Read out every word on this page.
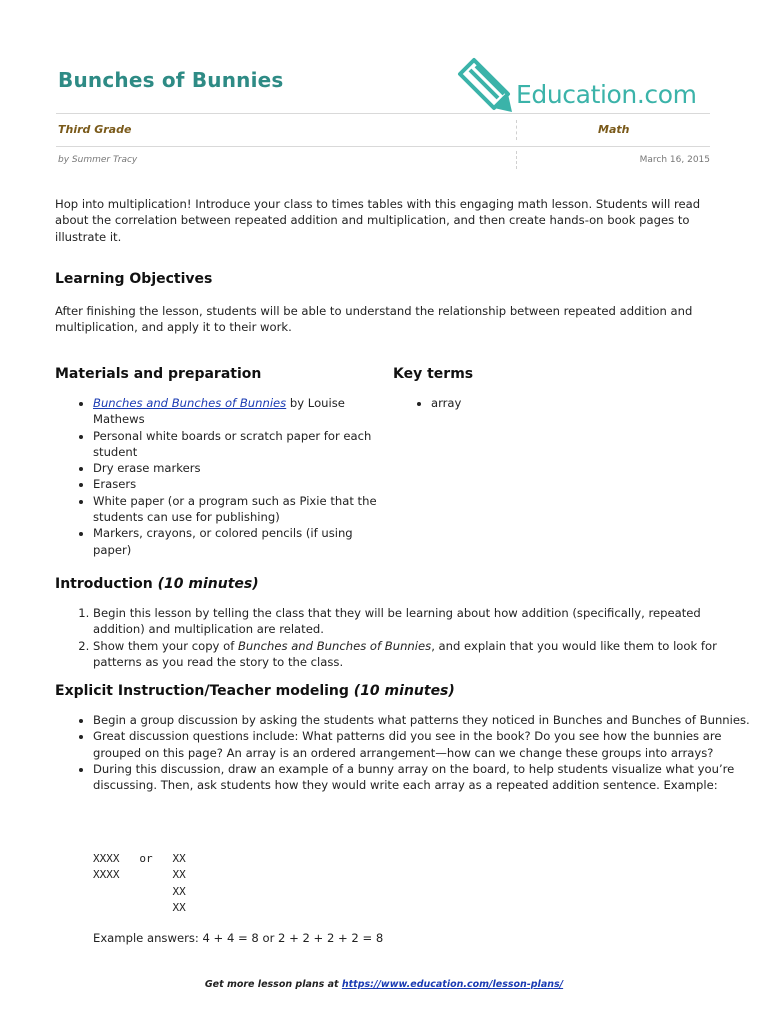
Bunches of Bunnies	Education.com
Third Grade	Math
by Summer Tracy	March 16, 2015

Hop into multiplication! Introduce your class to times tables with this engaging math lesson. Students will read about the correlation between repeated addition and multiplication, and then create hands-on book pages to illustrate it.

Learning Objectives

After finishing the lesson, students will be able to understand the relationship between repeated addition and multiplication, and apply it to their work.

Materials and preparation
• Bunches and Bunches of Bunnies by Louise Mathews
• Personal white boards or scratch paper for each student
• Dry erase markers
• Erasers
• White paper (or a program such as Pixie that the students can use for publishing)
• Markers, crayons, or colored pencils (if using paper)
Key terms
• array
Introduction (10 minutes)
1. Begin this lesson by telling the class that they will be learning about how addition (specifically, repeated addition) and multiplication are related.
2. Show them your copy of Bunches and Bunches of Bunnies, and explain that you would like them to look for patterns as you read the story to the class.
Explicit Instruction/Teacher modeling (10 minutes)
• Begin a group discussion by asking the students what patterns they noticed in Bunches and Bunches of Bunnies.
• Great discussion questions include: What patterns did you see in the book? Do you see how the bunnies are grouped on this page? An array is an ordered arrangement—how can we change these groups into arrays?
• During this discussion, draw an example of a bunny array on the board, to help students visualize what you’re discussing. Then, ask students how they would write each array as a repeated addition sentence. Example:
XXXX   or   XX
XXXX        XX
XX
XX
Example answers: 4 + 4 = 8 or 2 + 2 + 2 + 2 = 8
Get more lesson plans at https://www.education.com/lesson-plans/
